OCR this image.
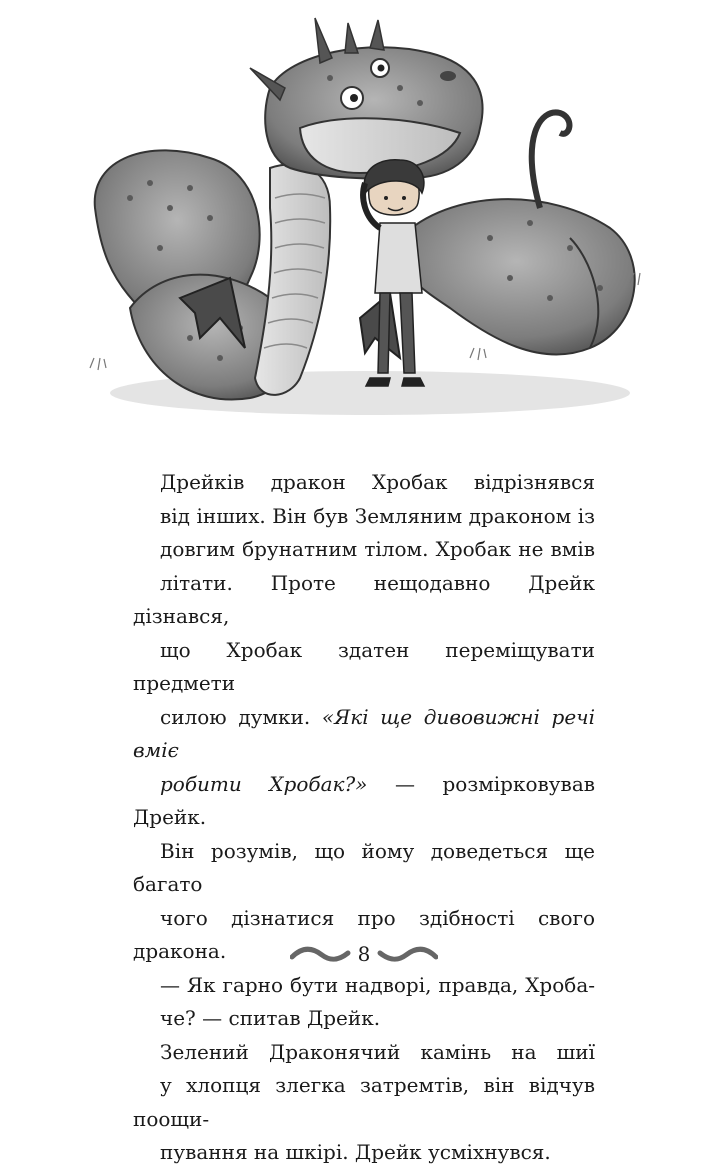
Дрейків дракон Хробак відрізнявся
від інших. Він був Земляним драконом із
довгим брунатним тілом. Хробак не вмів
літати. Проте нещодавно Дрейк дізнався,
що Хробак здатен переміщувати предмети
силою думки. «Які ще дивовижні речі вміє
робити Хробак?» — розмірковував Дрейк.
Він розумів, що йому доведеться ще багато
чого дізнатися про здібності свого дракона.
— Як гарно бути надворі, правда, Хроба-
че? — спитав Дрейк.
Зелений Драконячий камінь на шиї
у хлопця злегка затремтів, він відчув поощи-
пування на шкірі. Дрейк усміхнувся.
8
